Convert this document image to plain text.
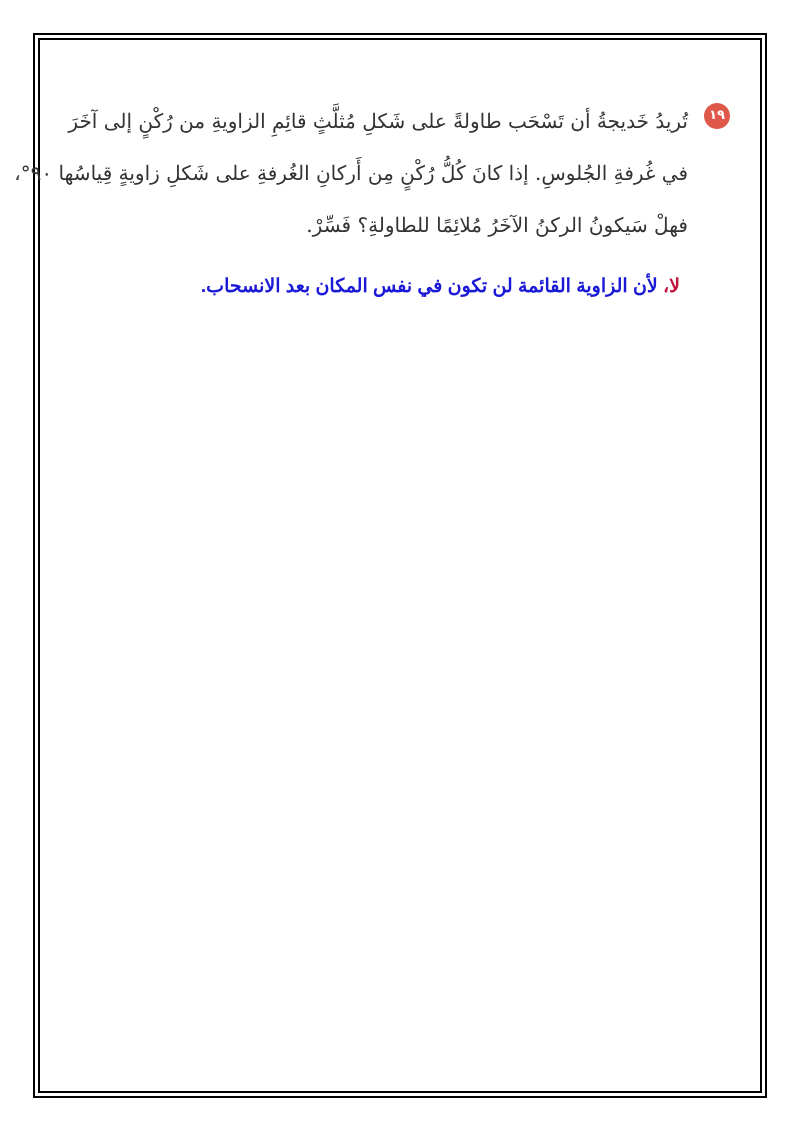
١٩
تُريدُ خَديجةُ أن تَسْحَب طاولةً على شَكلِ مُثلَّثٍ قائِمِ الزاويةِ من رُكْنٍ إلى آخَرَ
في غُرفةِ الجُلوسِ. إذا كانَ كُلُّ رُكْنٍ مِن أَركانِ الغُرفةِ على شَكلِ زاويةٍ قِياسُها ٩٠°،
فهلْ سَيكونُ الركنُ الآخَرُ مُلائِمًا للطاولةِ؟ فَسِّرْ.
لا، لأن الزاوية القائمة لن تكون في نفس المكان بعد الانسحاب.
